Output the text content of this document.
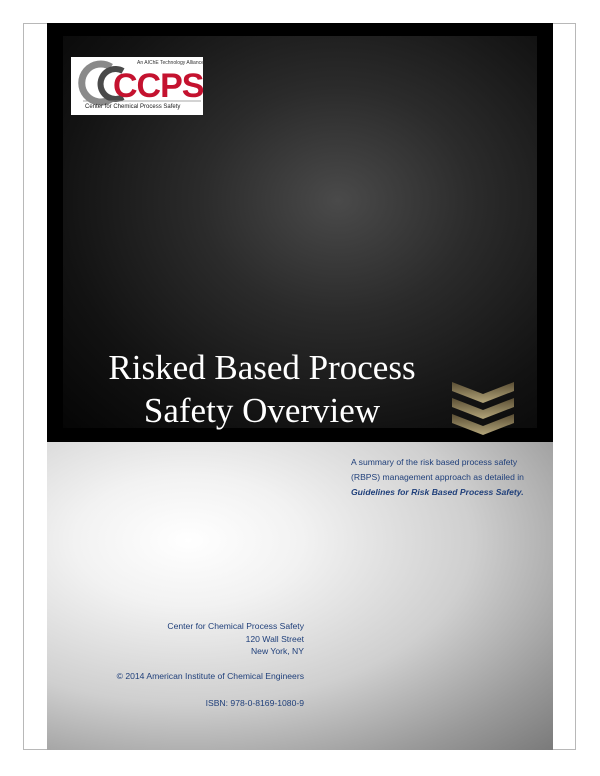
An AIChE Technology Alliance
CCPS
Center for Chemical Process Safety
Risked Based Process
Safety Overview
A summary of the risk based process safety (RBPS) management approach as detailed in Guidelines for Risk Based Process Safety.
Center for Chemical Process Safety
120 Wall Street
New York, NY
© 2014 American Institute of Chemical Engineers
ISBN: 978-0-8169-1080-9
